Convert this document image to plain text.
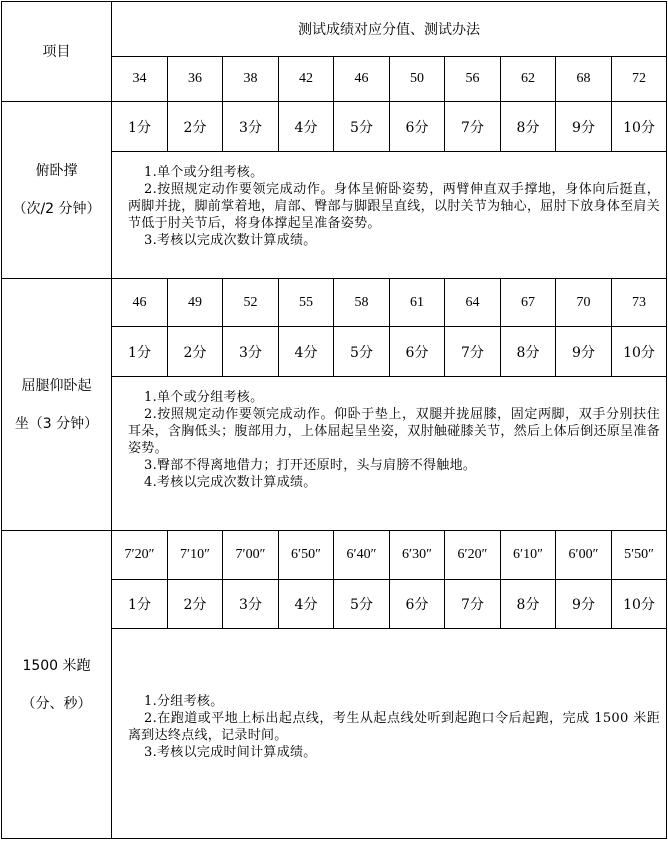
项目	测试成绩对应分值、测试办法									
	34	36	38	42	46	50	56	62	68	72

俯卧撑
（次/2 分钟）	1分	2分	3分	4分	5分	6分	7分	8分	9分	10分

	1.单个或分组考核。
2.按照规定动作要领完成动作。身体呈俯卧姿势，两臂伸直双手撑地，身体向后挺直，两脚并拢，脚前掌着地，肩部、臀部与脚跟呈直线，以肘关节为轴心，屈肘下放身体至肩关节低于肘关节后，将身体撑起呈准备姿势。
3.考核以完成次数计算成绩。									

屈腿仰卧起
坐（3 分钟）	46	49	52	55	58	61	64	67	70	73
	1分	2分	3分	4分	5分	6分	7分	8分	9分	10分

	1.单个或分组考核。
2.按照规定动作要领完成动作。仰卧于垫上，双腿并拢屈膝，固定两脚，双手分别扶住耳朵，含胸低头；腹部用力，上体屈起呈坐姿，双肘触碰膝关节，然后上体后倒还原呈准备姿势。
3.臀部不得离地借力；打开还原时，头与肩膀不得触地。
4.考核以完成次数计算成绩。									

1500 米跑
（分、秒）	7′20″	7′10″	7′00″	6′50″	6′40″	6′30″	6′20″	6′10″	6′00″	5′50″
	1分	2分	3分	4分	5分	6分	7分	8分	9分	10分

	1.分组考核。
2.在跑道或平地上标出起点线，考生从起点线处听到起跑口令后起跑，完成 1500 米距离到达终点线，记录时间。
3.考核以完成时间计算成绩。									
